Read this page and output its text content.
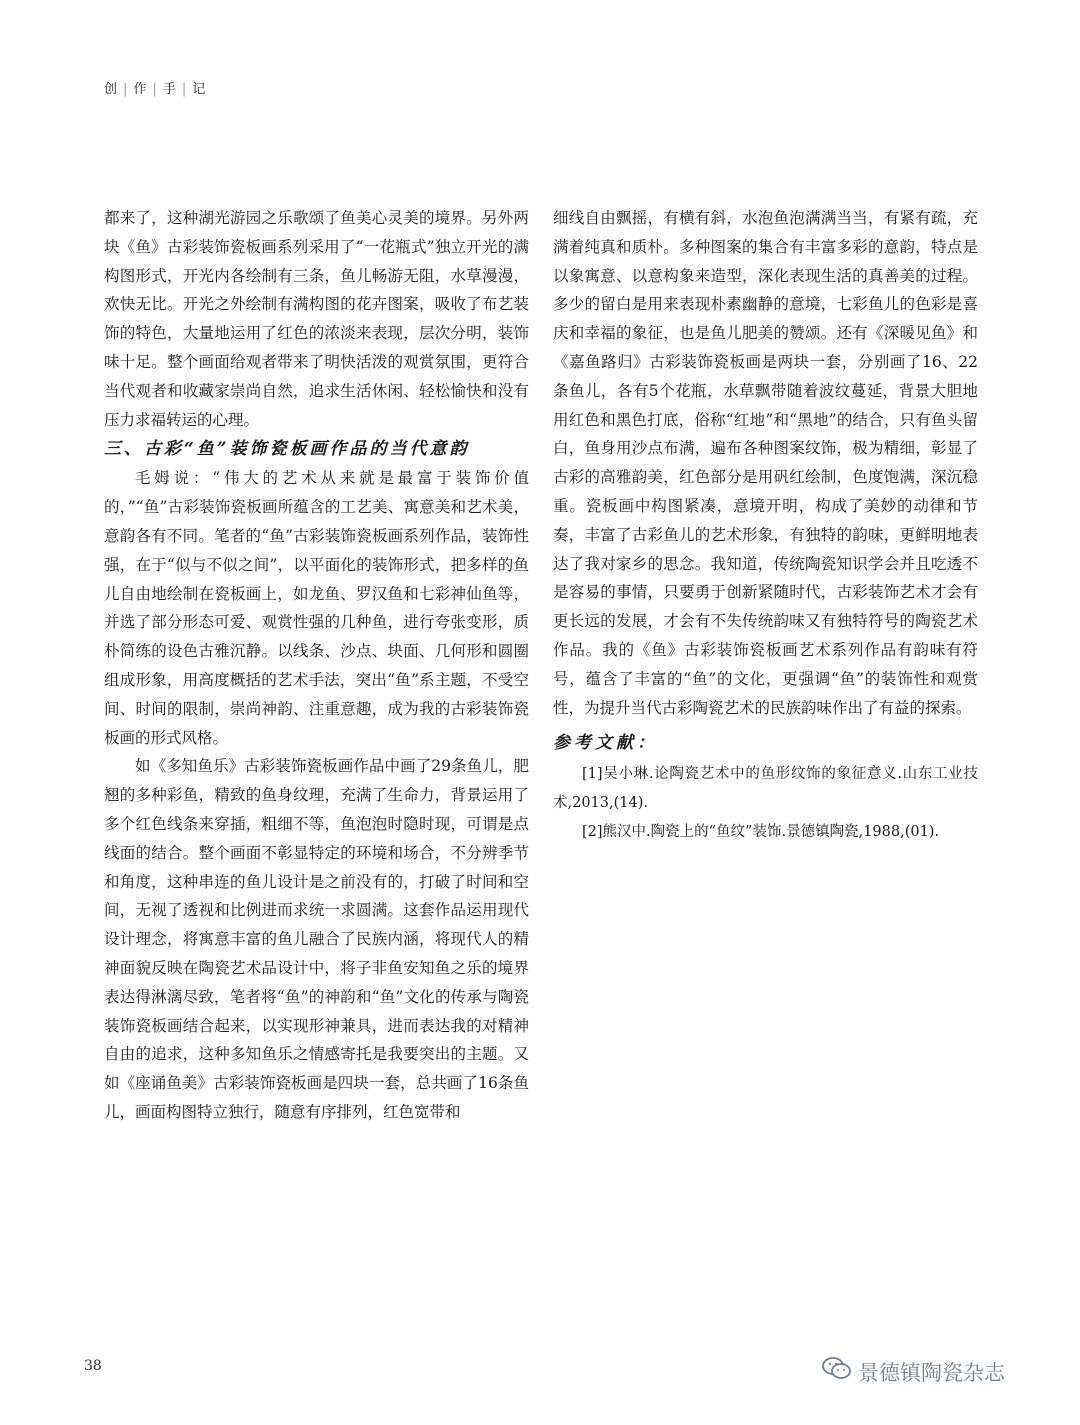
创 | 作 | 手 | 记

都来了，这种湖光游园之乐歌颂了鱼美心灵美的境界。另外两块《鱼》古彩装饰瓷板画系列采用了“一花瓶式”独立开光的满构图形式，开光内各绘制有三条，鱼儿畅游无阻，水草漫漫，欢快无比。开光之外绘制有满构图的花卉图案，吸收了布艺装饰的特色，大量地运用了红色的浓淡来表现，层次分明，装饰味十足。整个画面给观者带来了明快活泼的观赏氛围，更符合当代观者和收藏家崇尚自然，追求生活休闲、轻松愉快和没有压力求福转运的心理。

三、古彩“鱼”装饰瓷板画作品的当代意韵

毛姆说：“伟大的艺术从来就是最富于装饰价值的，”“鱼”古彩装饰瓷板画所蕴含的工艺美、寓意美和艺术美，意韵各有不同。笔者的“鱼”古彩装饰瓷板画系列作品，装饰性强，在于“似与不似之间”，以平面化的装饰形式，把多样的鱼儿自由地绘制在瓷板画上，如龙鱼、罗汉鱼和七彩神仙鱼等，并选了部分形态可爱、观赏性强的几种鱼，进行夸张变形，质朴简练的设色古雅沉静。以线条、沙点、块面、几何形和圆圈组成形象，用高度概括的艺术手法，突出“鱼”系主题，不受空间、时间的限制，崇尚神韵、注重意趣，成为我的古彩装饰瓷板画的形式风格。

如《多知鱼乐》古彩装饰瓷板画作品中画了29条鱼儿，肥翘的多种彩鱼，精致的鱼身纹理，充满了生命力，背景运用了多个红色线条来穿插，粗细不等，鱼泡泡时隐时现，可谓是点线面的结合。整个画面不彰显特定的环境和场合，不分辨季节和角度，这种串连的鱼儿设计是之前没有的，打破了时间和空间，无视了透视和比例进而求统一求圆满。这套作品运用现代设计理念，将寓意丰富的鱼儿融合了民族内涵，将现代人的精神面貌反映在陶瓷艺术品设计中，将子非鱼安知鱼之乐的境界表达得淋漓尽致，笔者将“鱼”的神韵和“鱼”文化的传承与陶瓷装饰瓷板画结合起来，以实现形神兼具，进而表达我的对精神自由的追求，这种多知鱼乐之情感寄托是我要突出的主题。又如《座诵鱼美》古彩装饰瓷板画是四块一套，总共画了16条鱼儿，画面构图特立独行，随意有序排列，红色宽带和

细线自由飘摇，有横有斜，水泡鱼泡满满当当，有紧有疏，充满着纯真和质朴。多种图案的集合有丰富多彩的意韵，特点是以象寓意、以意构象来造型，深化表现生活的真善美的过程。多少的留白是用来表现朴素幽静的意境，七彩鱼儿的色彩是喜庆和幸福的象征，也是鱼儿肥美的赞颂。还有《深暖见鱼》和《嘉鱼路归》古彩装饰瓷板画是两块一套，分别画了16、22条鱼儿，各有5个花瓶，水草飘带随着波纹蔓延，背景大胆地用红色和黑色打底，俗称“红地”和“黑地”的结合，只有鱼头留白，鱼身用沙点布满，遍布各种图案纹饰，极为精细，彰显了古彩的高雅韵美，红色部分是用矾红绘制，色度饱满，深沉稳重。瓷板画中构图紧凑，意境开明，构成了美妙的动律和节奏，丰富了古彩鱼儿的艺术形象，有独特的韵味，更鲜明地表达了我对家乡的思念。我知道，传统陶瓷知识学会并且吃透不是容易的事情，只要勇于创新紧随时代，古彩装饰艺术才会有更长远的发展，才会有不失传统韵味又有独特符号的陶瓷艺术作品。我的《鱼》古彩装饰瓷板画艺术系列作品有韵味有符号，蕴含了丰富的“鱼”的文化，更强调“鱼”的装饰性和观赏性，为提升当代古彩陶瓷艺术的民族韵味作出了有益的探索。

参考文献：

[1]吴小琳.论陶瓷艺术中的鱼形纹饰的象征意义.山东工业技术,2013,(14).

[2]熊汉中.陶瓷上的“鱼纹”装饰.景德镇陶瓷,1988,(01).

38	景德镇陶瓷杂志
